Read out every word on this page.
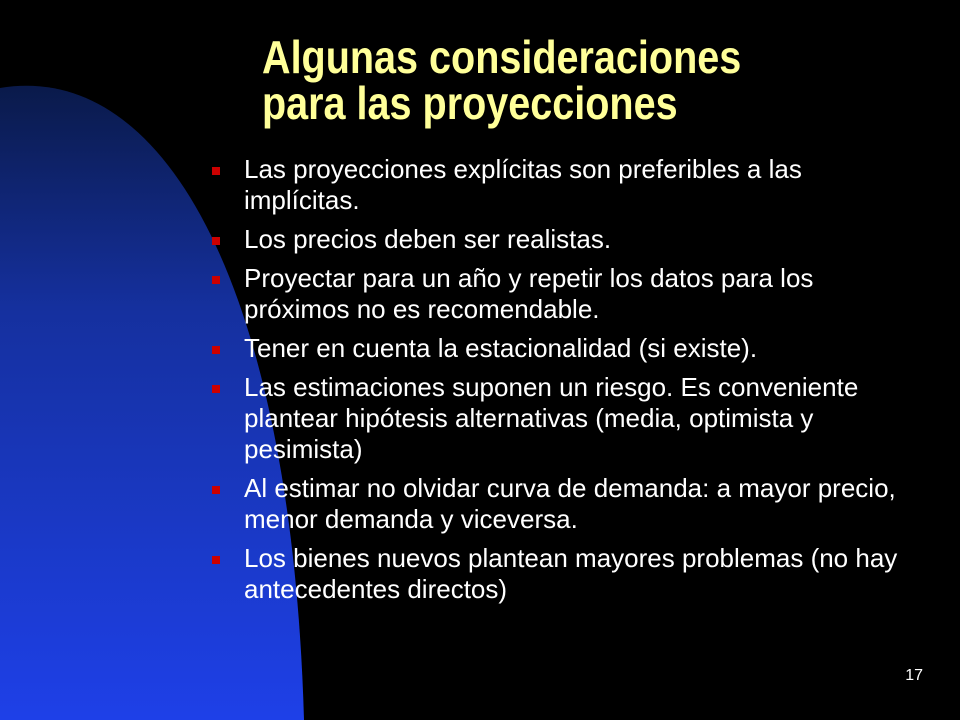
Algunas consideraciones
para las proyecciones
Las proyecciones explícitas son preferibles a las implícitas.
Los precios deben ser realistas.
Proyectar para un año y repetir los datos para los próximos no es recomendable.
Tener en cuenta la estacionalidad (si existe).
Las estimaciones suponen un riesgo. Es conveniente plantear hipótesis alternativas (media, optimista y pesimista)
Al estimar no olvidar curva de demanda: a mayor precio, menor demanda y viceversa.
Los bienes nuevos plantean mayores problemas (no hay antecedentes directos)
17
